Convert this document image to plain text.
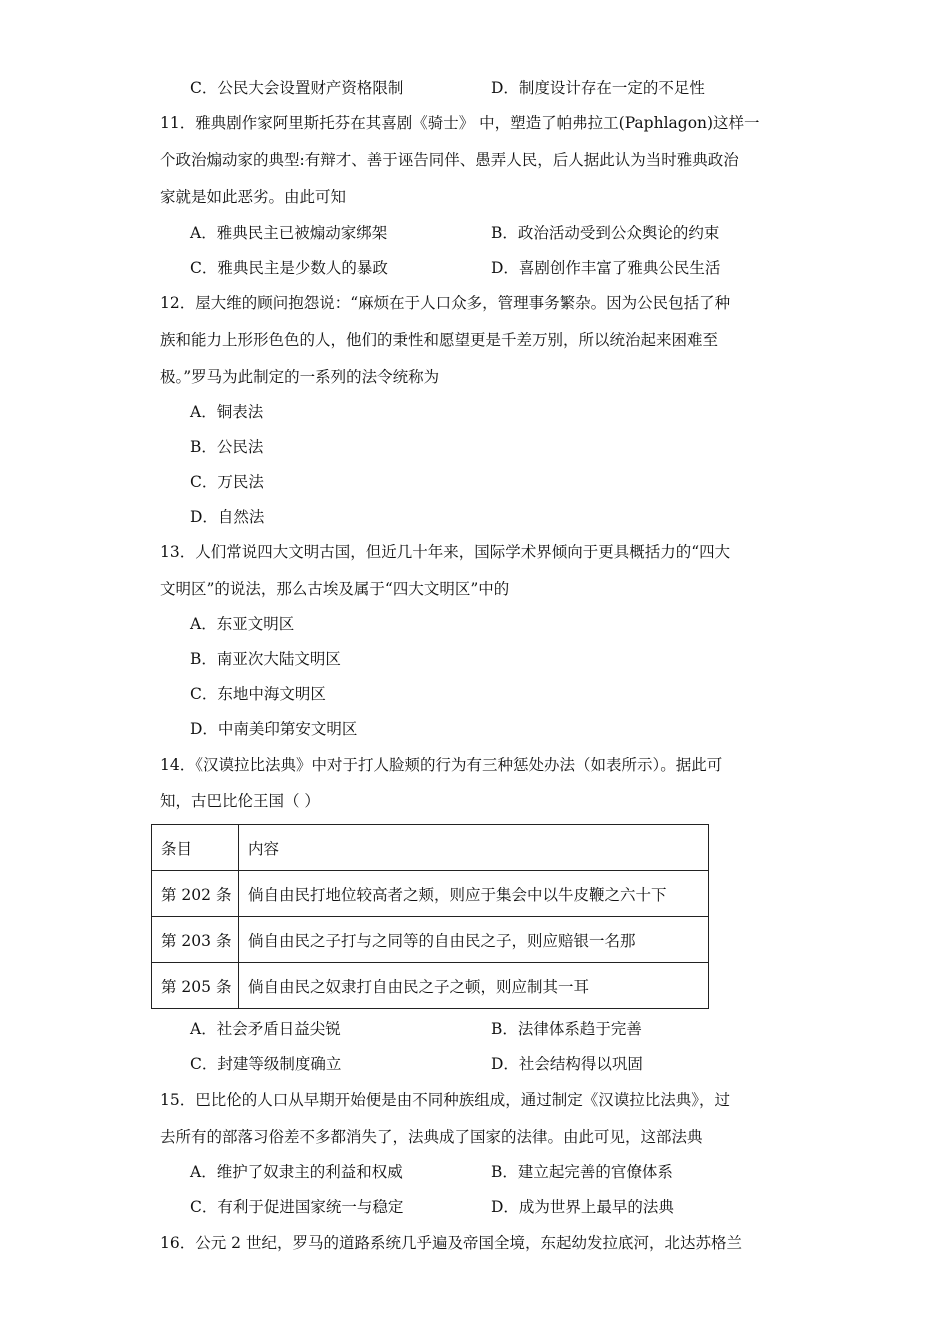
C．公民大会设置财产资格限制	D．制度设计存在一定的不足性
11．雅典剧作家阿里斯托芬在其喜剧《骑士》 中，塑造了帕弗拉工(Paphlagon)这样一
个政治煽动家的典型:有辩才、善于诬告同伴、愚弄人民，后人据此认为当时雅典政治
家就是如此恶劣。由此可知
A．雅典民主已被煽动家绑架	B．政治活动受到公众舆论的约束
C．雅典民主是少数人的暴政	D．喜剧创作丰富了雅典公民生活
12．屋大维的顾问抱怨说：“麻烦在于人口众多，管理事务繁杂。因为公民包括了种
族和能力上形形色色的人，他们的秉性和愿望更是千差万别，所以统治起来困难至
极。”罗马为此制定的一系列的法令统称为
A．铜表法
B．公民法
C．万民法
D．自然法
13．人们常说四大文明古国，但近几十年来，国际学术界倾向于更具概括力的“四大
文明区”的说法，那么古埃及属于“四大文明区”中的
A．东亚文明区
B．南亚次大陆文明区
C．东地中海文明区
D．中南美印第安文明区
14．《汉谟拉比法典》中对于打人脸颊的行为有三种惩处办法（如表所示）。据此可
知，古巴比伦王国（ ）
条目	内容
第 202 条	倘自由民打地位较高者之颊，则应于集会中以牛皮鞭之六十下
第 203 条	倘自由民之子打与之同等的自由民之子，则应赔银一名那
第 205 条	倘自由民之奴隶打自由民之子之顿，则应制其一耳
A．社会矛盾日益尖锐	B．法律体系趋于完善
C．封建等级制度确立	D．社会结构得以巩固
15．巴比伦的人口从早期开始便是由不同种族组成，通过制定《汉谟拉比法典》，过
去所有的部落习俗差不多都消失了，法典成了国家的法律。由此可见，这部法典
A．维护了奴隶主的利益和权威	B．建立起完善的官僚体系
C．有利于促进国家统一与稳定	D．成为世界上最早的法典
16．公元 2 世纪，罗马的道路系统几乎遍及帝国全境，东起幼发拉底河，北达苏格兰
